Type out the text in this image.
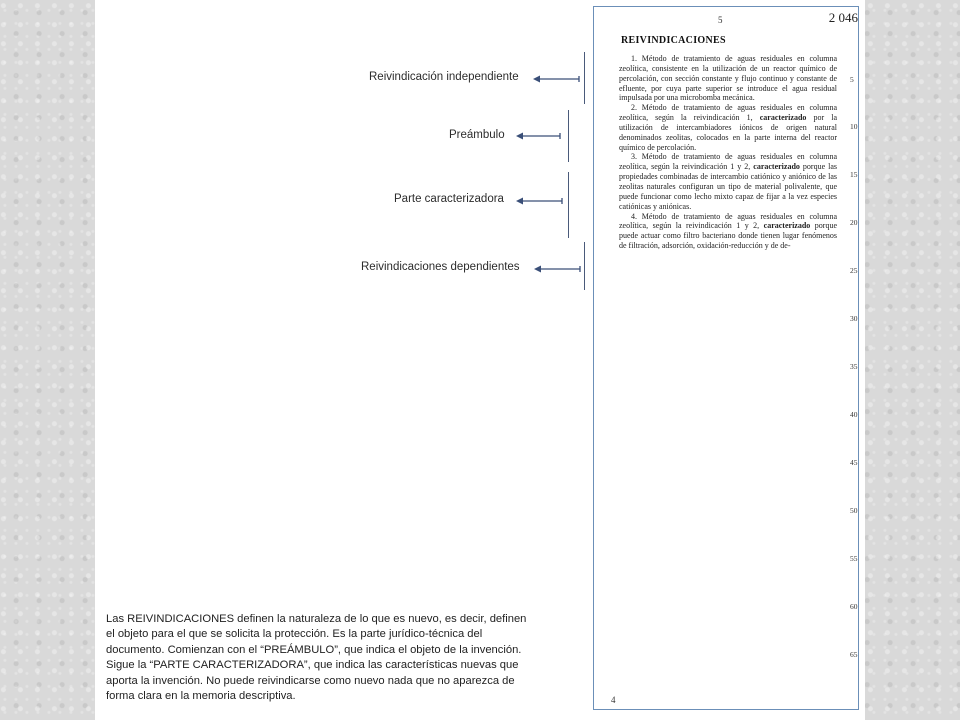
Reivindicación independiente
Preámbulo
Parte caracterizadora
Reivindicaciones dependientes

Las REIVINDICACIONES definen la naturaleza de lo que es nuevo, es decir, definen el objeto para el que se solicita la protección. Es la parte jurídico-técnica del documento. Comienzan con el “PREÁMBULO”, que indica el objeto de la invención. Sigue la “PARTE CARACTERIZADORA”, que indica las características nuevas que aporta la invención. No puede reivindicarse como nuevo nada que no aparezca de forma clara en la memoria descriptiva.

5	2 046
REIVINDICACIONES

1. Método de tratamiento de aguas residuales en columna zeolítica, consistente en la utilización de un reactor químico de percolación, con sección constante y flujo continuo y constante de efluente, por cuya parte superior se introduce el agua residual impulsada por una microbomba mecánica.

2. Método de tratamiento de aguas residuales en columna zeolítica, según la reivindicación 1, caracterizado por la utilización de intercambiadores iónicos de origen natural denominados zeolitas, colocados en la parte interna del reactor químico de percolación.

3. Método de tratamiento de aguas residuales en columna zeolítica, según la reivindicación 1 y 2, caracterizado porque las propiedades combinadas de intercambio catiónico y aniónico de las zeolitas naturales configuran un tipo de material polivalente, que puede funcionar como lecho mixto capaz de fijar a la vez especies catiónicas y aniónicas.

4. Método de tratamiento de aguas residuales en columna zeolítica, según la reivindicación 1 y 2, caracterizado porque puede actuar como filtro bacteriano donde tienen lugar fenómenos de filtración, adsorción, oxidación-reducción y de de-

5
10
15
20
25
30
35
40
45
50
55
60
65
4
